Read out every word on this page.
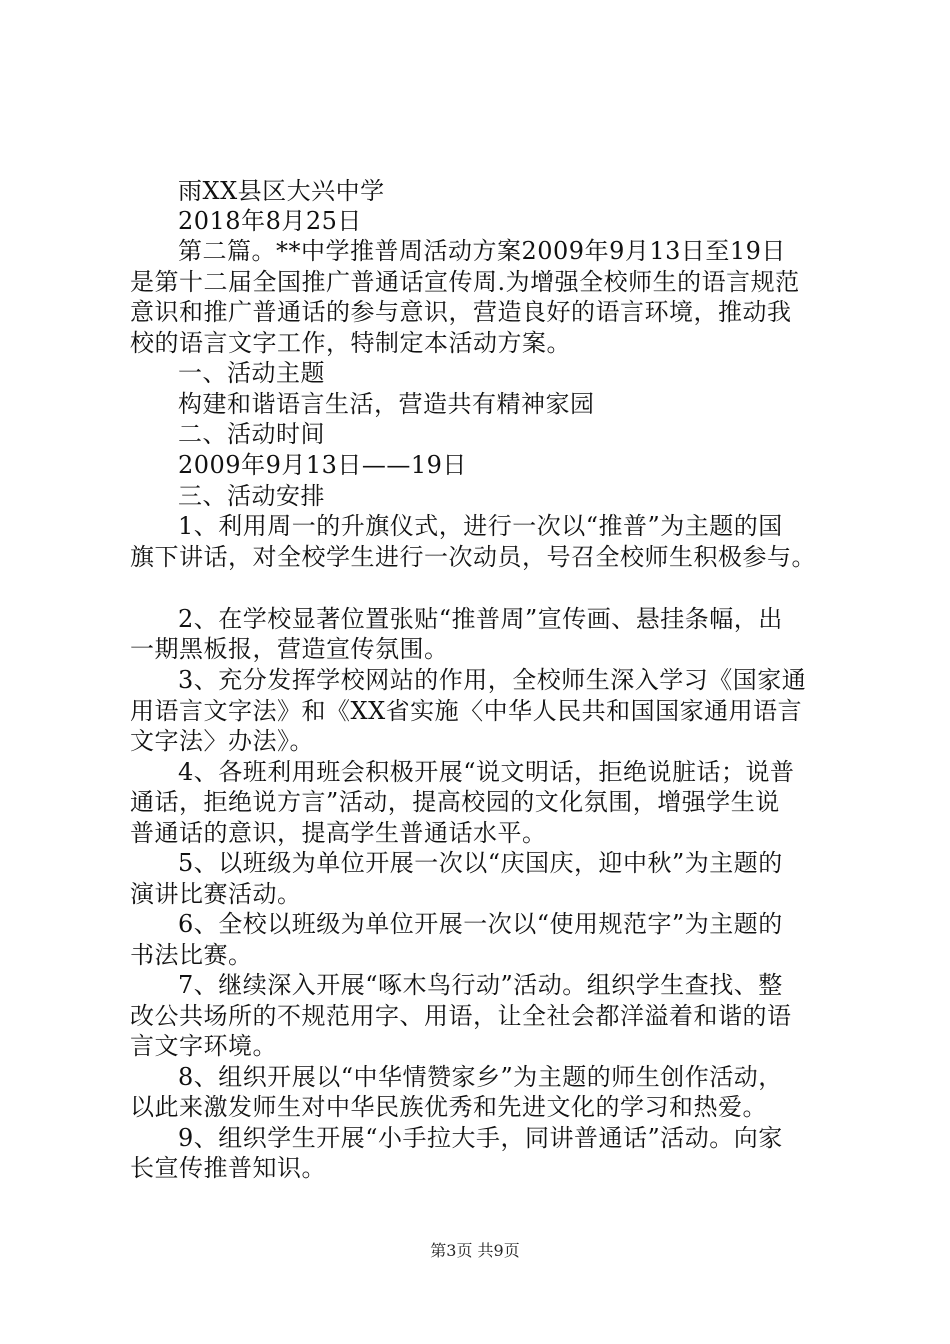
雨XX县区大兴中学
2018年8月25日
第二篇。**中学推普周活动方案2009年9月13日至19日
是第十二届全国推广普通话宣传周.为增强全校师生的语言规范
意识和推广普通话的参与意识，营造良好的语言环境，推动我
校的语言文字工作，特制定本活动方案。
一、活动主题
构建和谐语言生活，营造共有精神家园
二、活动时间
2009年9月13日——19日
三、活动安排
1、利用周一的升旗仪式，进行一次以“推普”为主题的国
旗下讲话，对全校学生进行一次动员，号召全校师生积极参与。
2、在学校显著位置张贴“推普周”宣传画、悬挂条幅，出
一期黑板报，营造宣传氛围。
3、充分发挥学校网站的作用，全校师生深入学习《国家通
用语言文字法》和《XX省实施〈中华人民共和国国家通用语言
文字法〉办法》。
4、各班利用班会积极开展“说文明话，拒绝说脏话；说普
通话，拒绝说方言”活动，提高校园的文化氛围，增强学生说
普通话的意识，提高学生普通话水平。
5、以班级为单位开展一次以“庆国庆，迎中秋”为主题的
演讲比赛活动。
6、全校以班级为单位开展一次以“使用规范字”为主题的
书法比赛。
7、继续深入开展“啄木鸟行动”活动。组织学生查找、整
改公共场所的不规范用字、用语，让全社会都洋溢着和谐的语
言文字环境。
8、组织开展以“中华情赞家乡”为主题的师生创作活动，
以此来激发师生对中华民族优秀和先进文化的学习和热爱。
9、组织学生开展“小手拉大手，同讲普通话”活动。向家
长宣传推普知识。
第3页 共9页
